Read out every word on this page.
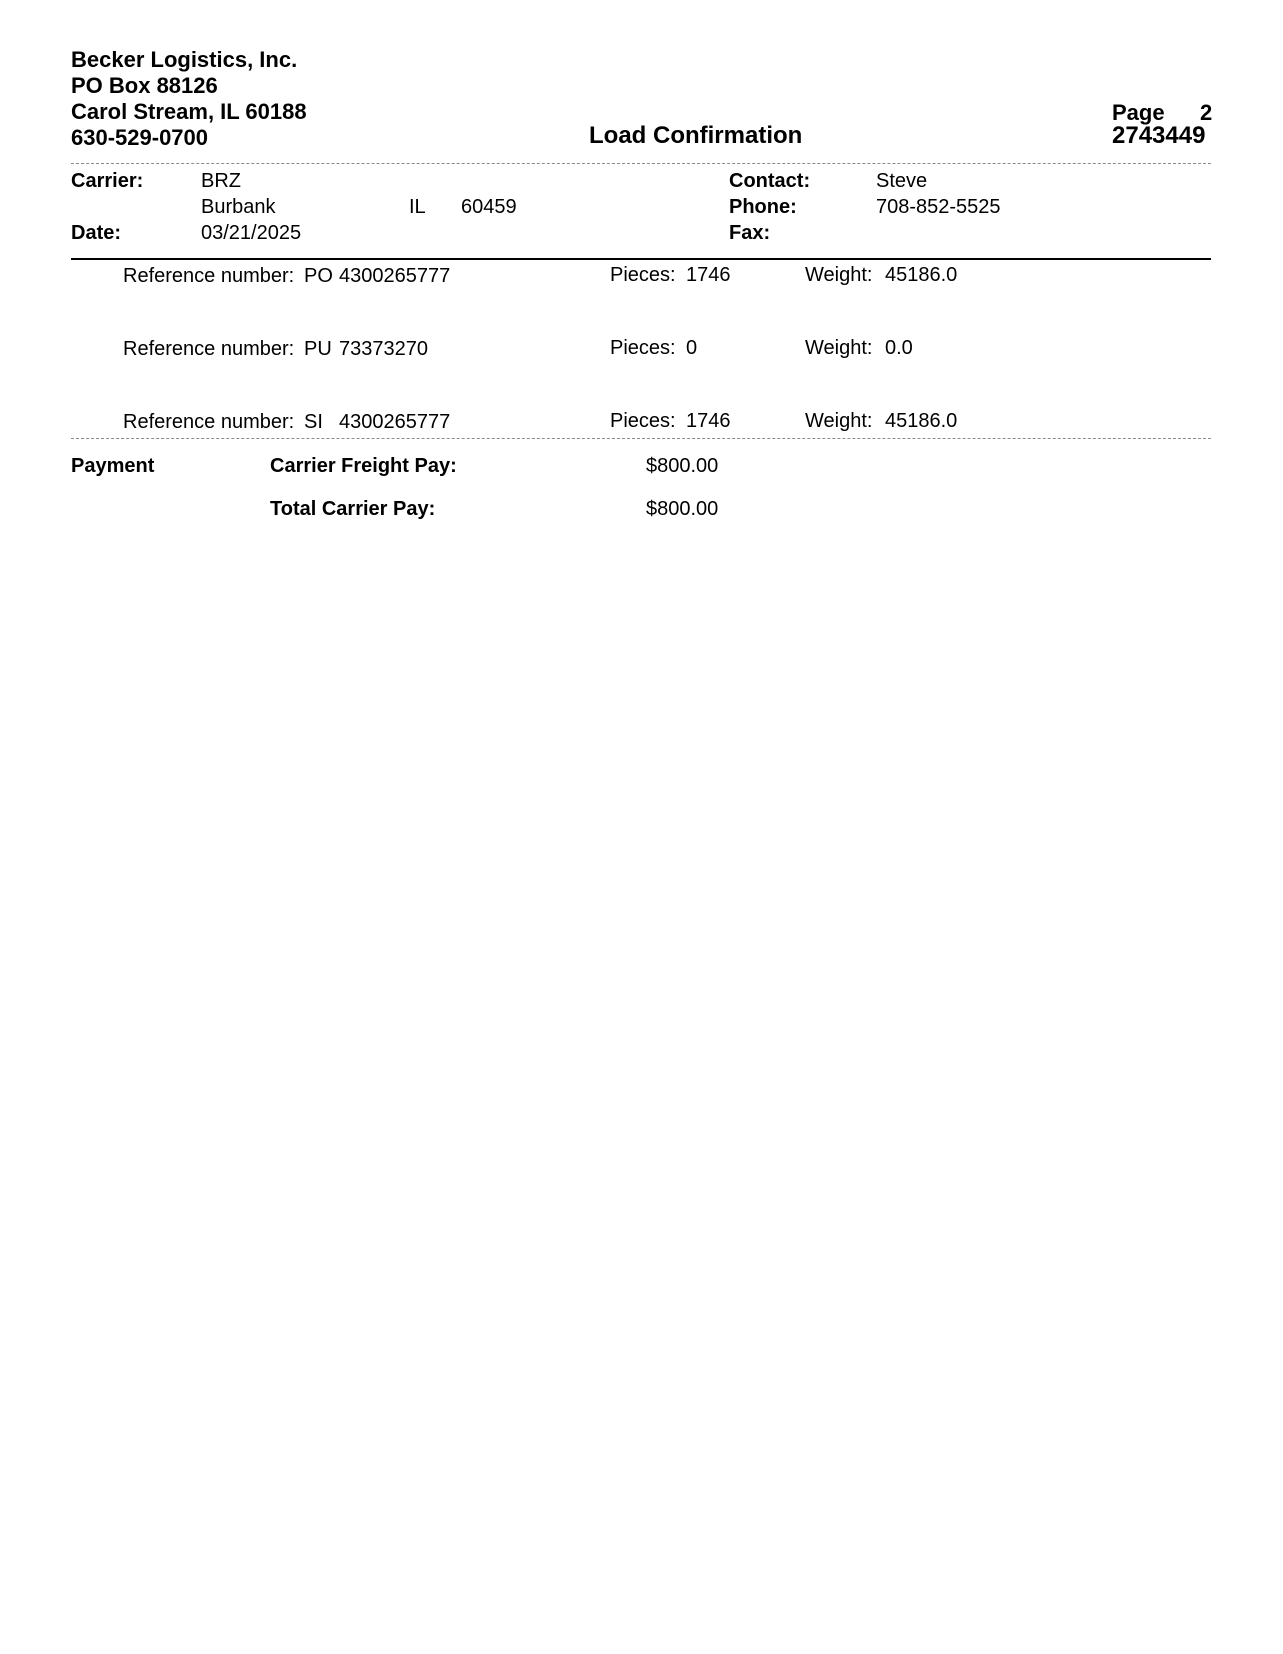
Becker Logistics, Inc.
PO Box 88126
Carol Stream, IL 60188
630-529-0700	Load Confirmation
Page 2
2743449
Carrier:	BRZ
Burbank	IL 60459
Date:	03/21/2025
Contact:	Steve
Phone:	708-852-5525
Fax:
Reference number: PO 4300265777	Pieces: 1746	Weight: 45186.0
Reference number: PU 73373270	Pieces: 0	Weight: 0.0
Reference number: SI 4300265777	Pieces: 1746	Weight: 45186.0
Payment	Carrier Freight Pay:	$800.00
Total Carrier Pay:	$800.00
